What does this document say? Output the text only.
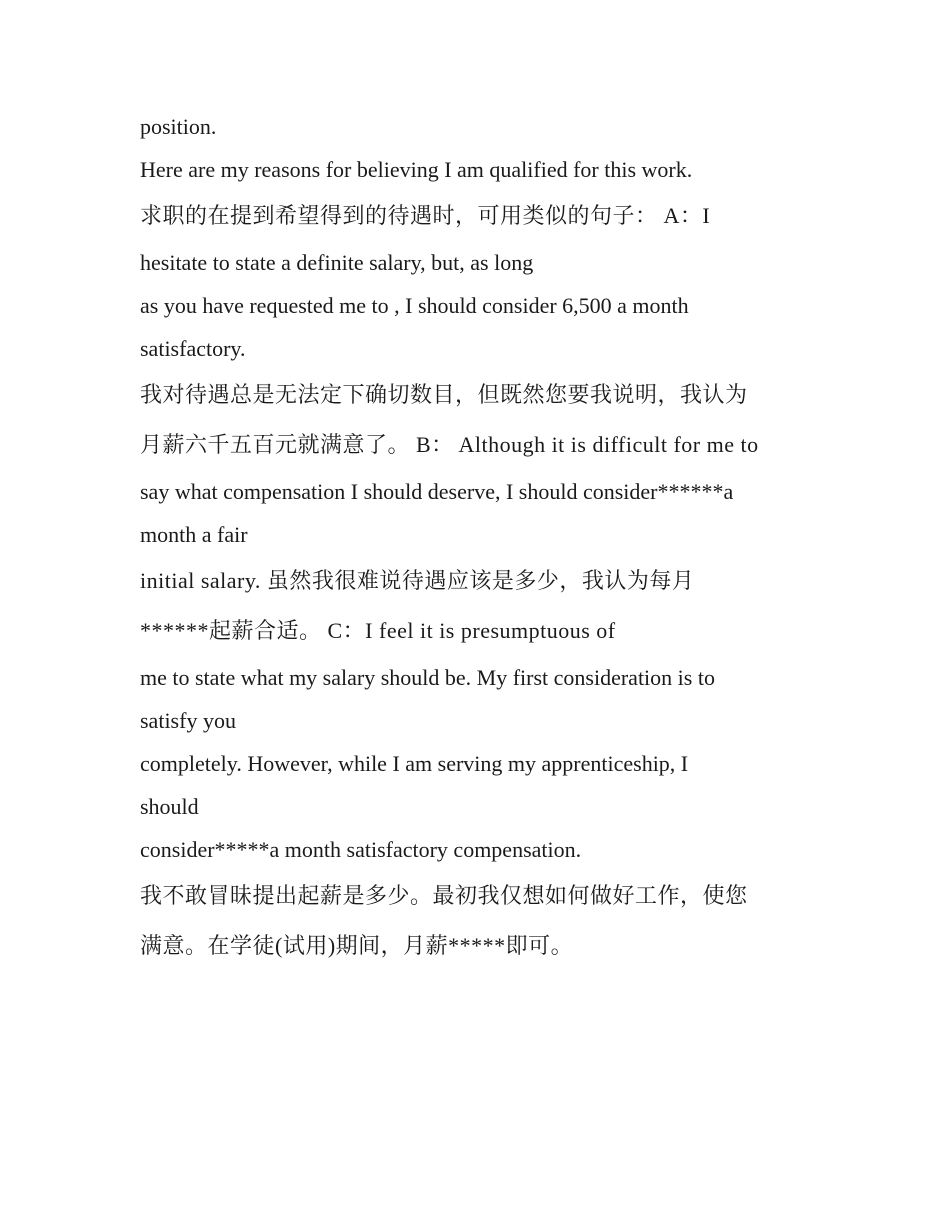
position.
Here are my reasons for believing I am qualified for this work.
求职的在提到希望得到的待遇时，可用类似的句子： A：I
hesitate to state a definite salary, but, as long
as you have requested me to , I should consider 6,500 a month
satisfactory.
我对待遇总是无法定下确切数目，但既然您要我说明，我认为
月薪六千五百元就满意了。 B： Although it is difficult for me to
say what compensation I should deserve, I should consider******a
month a fair
initial salary. 虽然我很难说待遇应该是多少，我认为每月
******起薪合适。 C：I feel it is presumptuous of
me to state what my salary should be. My first consideration is to
satisfy you
completely. However, while I am serving my apprenticeship, I
should
consider*****a month satisfactory compensation.
我不敢冒昧提出起薪是多少。最初我仅想如何做好工作，使您
满意。在学徒(试用)期间，月薪*****即可。
